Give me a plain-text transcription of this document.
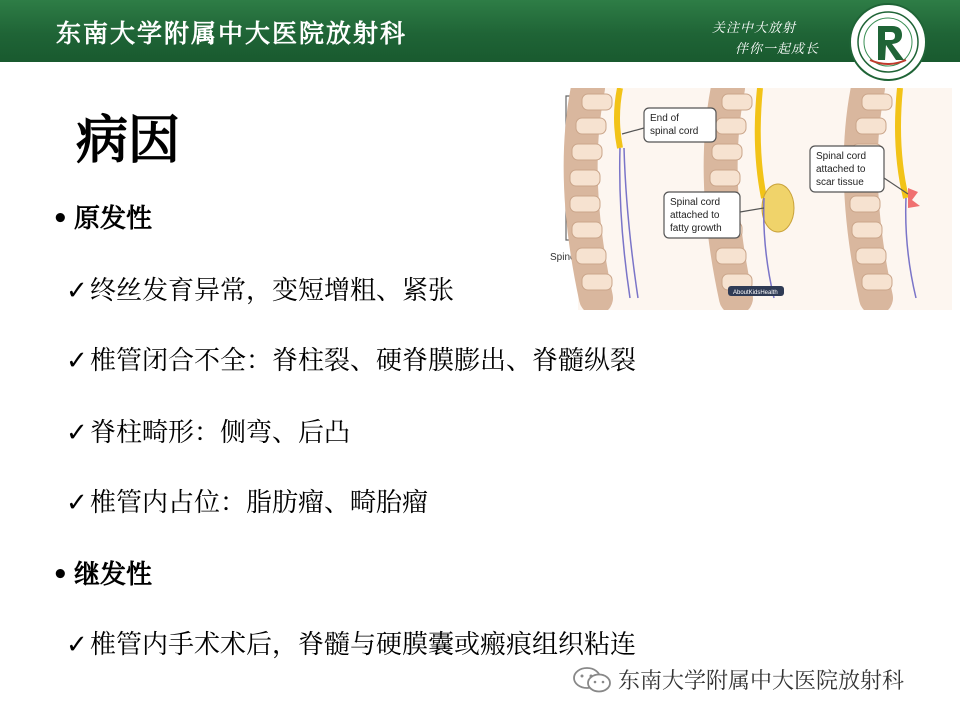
东南大学附属中大医院放射科	关注中大放射
伴你一起成长
病因
• 原发性
✓终丝发育异常，变短增粗、紧张
✓椎管闭合不全：脊柱裂、硬脊膜膨出、脊髓纵裂
✓脊柱畸形：侧弯、后凸
✓椎管内占位：脂肪瘤、畸胎瘤
• 继发性
✓椎管内手术术后，脊髓与硬膜囊或瘢痕组织粘连
Spine
End of
spinal cord
Spinal cord
attached to
fatty growth
Spinal cord
attached to
scar tissue
AboutKidsHealth
东南大学附属中大医院放射科
